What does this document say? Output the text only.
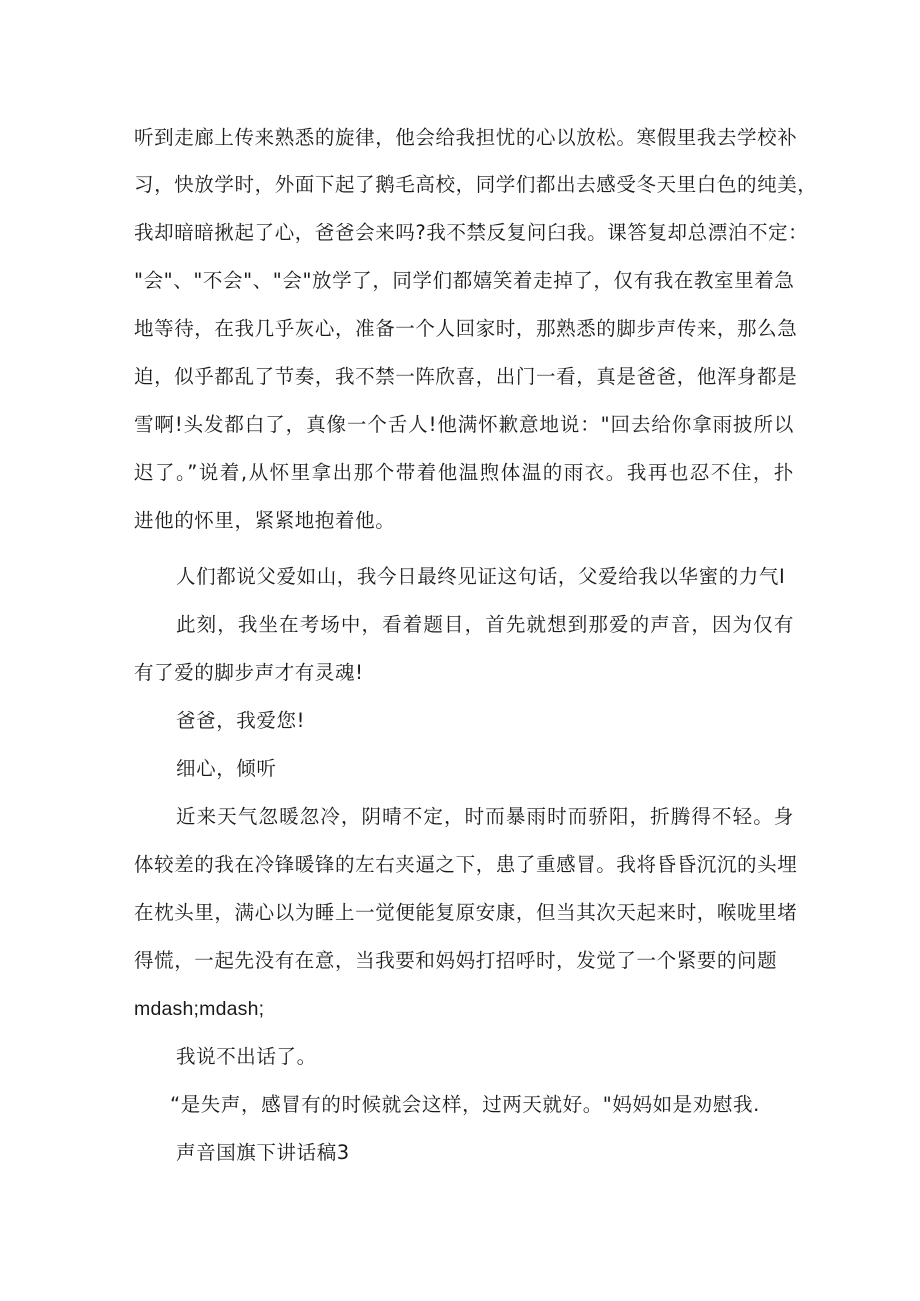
听到走廊上传来熟悉的旋律，他会给我担忧的心以放松。寒假里我去学校补
习，快放学时，外面下起了鹅毛高校，同学们都出去感受冬天里白色的纯美，
我却暗暗揪起了心，爸爸会来吗?我不禁反复问臼我。课答复却总漂泊不定：
"会"、"不会"、"会"放学了，同学们都嬉笑着走掉了，仅有我在教室里着急
地等待，在我几乎灰心，准备一个人回家时，那熟悉的脚步声传来，那么急
迫，似乎都乱了节奏，我不禁一阵欣喜，出门一看，真是爸爸，他浑身都是
雪啊!头发都白了，真像一个舌人!他满怀歉意地说："回去给你拿雨披所以
迟了。”说着,从怀里拿出那个带着他温煦体温的雨衣。我再也忍不住，扑
进他的怀里，紧紧地抱着他。
人们都说父爱如山，我今日最终见证这句话，父爱给我以华蜜的力气I
此刻，我坐在考场中，看着题目，首先就想到那爱的声音，因为仅有
有了爱的脚步声才有灵魂!
爸爸，我爱您!
细心，倾听
近来天气忽暖忽冷，阴晴不定，时而暴雨时而骄阳，折腾得不轻。身
体较差的我在冷锋暖锋的左右夹逼之下，患了重感冒。我将昏昏沉沉的头埋
在枕头里，满心以为睡上一觉便能复原安康，但当其次天起来时，喉咙里堵
得慌，一起先没有在意，当我要和妈妈打招呼时，发觉了一个紧要的问题
mdash;mdash;
我说不出话了。
“是失声，感冒有的时候就会这样，过两天就好。"妈妈如是劝慰我.
声音国旗下讲话稿3
